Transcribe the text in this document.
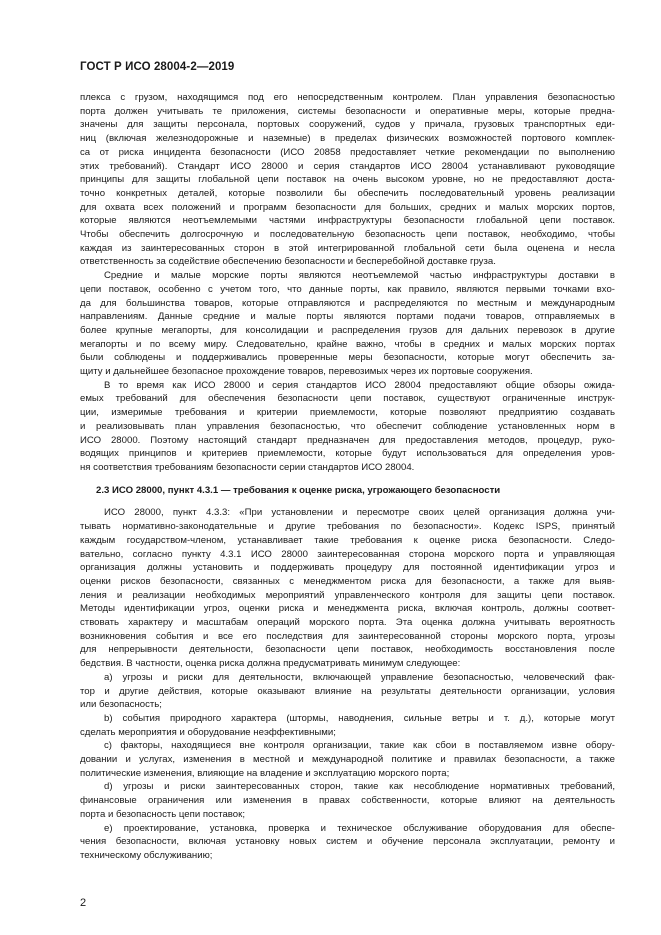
ГОСТ Р ИСО 28004-2—2019
плекса с грузом, находящимся под его непосредственным контролем. План управления безопасностью
порта должен учитывать те приложения, системы безопасности и оперативные меры, которые предна-
значены для защиты персонала, портовых сооружений, судов у причала, грузовых транспортных еди-
ниц (включая железнодорожные и наземные) в пределах физических возможностей портового комплек-
са от риска инцидента безопасности (ИСО 20858 предоставляет четкие рекомендации по выполнению
этих требований). Стандарт ИСО 28000 и серия стандартов ИСО 28004 устанавливают руководящие
принципы для защиты глобальной цепи поставок на очень высоком уровне, но не предоставляют доста-
точно конкретных деталей, которые позволили бы обеспечить последовательный уровень реализации
для охвата всех положений и программ безопасности для больших, средних и малых морских портов,
которые являются неотъемлемыми частями инфраструктуры безопасности глобальной цепи поставок.
Чтобы обеспечить долгосрочную и последовательную безопасность цепи поставок, необходимо, чтобы
каждая из заинтересованных сторон в этой интегрированной глобальной сети была оценена и несла
ответственность за содействие обеспечению безопасности и бесперебойной доставке груза.
Средние и малые морские порты являются неотъемлемой частью инфраструктуры доставки в
цепи поставок, особенно с учетом того, что данные порты, как правило, являются первыми точками вхо-
да для большинства товаров, которые отправляются и распределяются по местным и международным
направлениям. Данные средние и малые порты являются портами подачи товаров, отправляемых в
более крупные мегапорты, для консолидации и распределения грузов для дальних перевозок в другие
мегапорты и по всему миру. Следовательно, крайне важно, чтобы в средних и малых морских портах
были соблюдены и поддерживались проверенные меры безопасности, которые могут обеспечить за-
щиту и дальнейшее безопасное прохождение товаров, перевозимых через их портовые сооружения.
В то время как ИСО 28000 и серия стандартов ИСО 28004 предоставляют общие обзоры ожида-
емых требований для обеспечения безопасности цепи поставок, существуют ограниченные инструк-
ции, измеримые требования и критерии приемлемости, которые позволяют предприятию создавать
и реализовывать план управления безопасностью, что обеспечит соблюдение установленных норм в
ИСО 28000. Поэтому настоящий стандарт предназначен для предоставления методов, процедур, руко-
водящих принципов и критериев приемлемости, которые будут использоваться для определения уров-
ня соответствия требованиям безопасности серии стандартов ИСО 28004.
2.3 ИСО 28000, пункт 4.3.1 — требования к оценке риска, угрожающего безопасности
ИСО 28000, пункт 4.3.3: «При установлении и пересмотре своих целей организация должна учи-
тывать нормативно-законодательные и другие требования по безопасности». Кодекс ISPS, принятый
каждым государством-членом, устанавливает такие требования к оценке риска безопасности. Следо-
вательно, согласно пункту 4.3.1 ИСО 28000 заинтересованная сторона морского порта и управляющая
организация должны установить и поддерживать процедуру для постоянной идентификации угроз и
оценки рисков безопасности, связанных с менеджментом риска для безопасности, а также для выяв-
ления и реализации необходимых мероприятий управленческого контроля для защиты цепи поставок.
Методы идентификации угроз, оценки риска и менеджмента риска, включая контроль, должны соответ-
ствовать характеру и масштабам операций морского порта. Эта оценка должна учитывать вероятность
возникновения события и все его последствия для заинтересованной стороны морского порта, угрозы
для непрерывности деятельности, безопасности цепи поставок, необходимость восстановления после
бедствия. В частности, оценка риска должна предусматривать минимум следующее:
a) угрозы и риски для деятельности, включающей управление безопасностью, человеческий фак-
тор и другие действия, которые оказывают влияние на результаты деятельности организации, условия
или безопасность;
b) события природного характера (штормы, наводнения, сильные ветры и т. д.), которые могут
сделать мероприятия и оборудование неэффективными;
c) факторы, находящиеся вне контроля организации, такие как сбои в поставляемом извне обору-
довании и услугах, изменения в местной и международной политике и правилах безопасности, а также
политические изменения, влияющие на владение и эксплуатацию морского порта;
d) угрозы и риски заинтересованных сторон, такие как несоблюдение нормативных требований,
финансовые ограничения или изменения в правах собственности, которые влияют на деятельность
порта и безопасность цепи поставок;
e) проектирование, установка, проверка и техническое обслуживание оборудования для обеспе-
чения безопасности, включая установку новых систем и обучение персонала эксплуатации, ремонту и
техническому обслуживанию;
2
